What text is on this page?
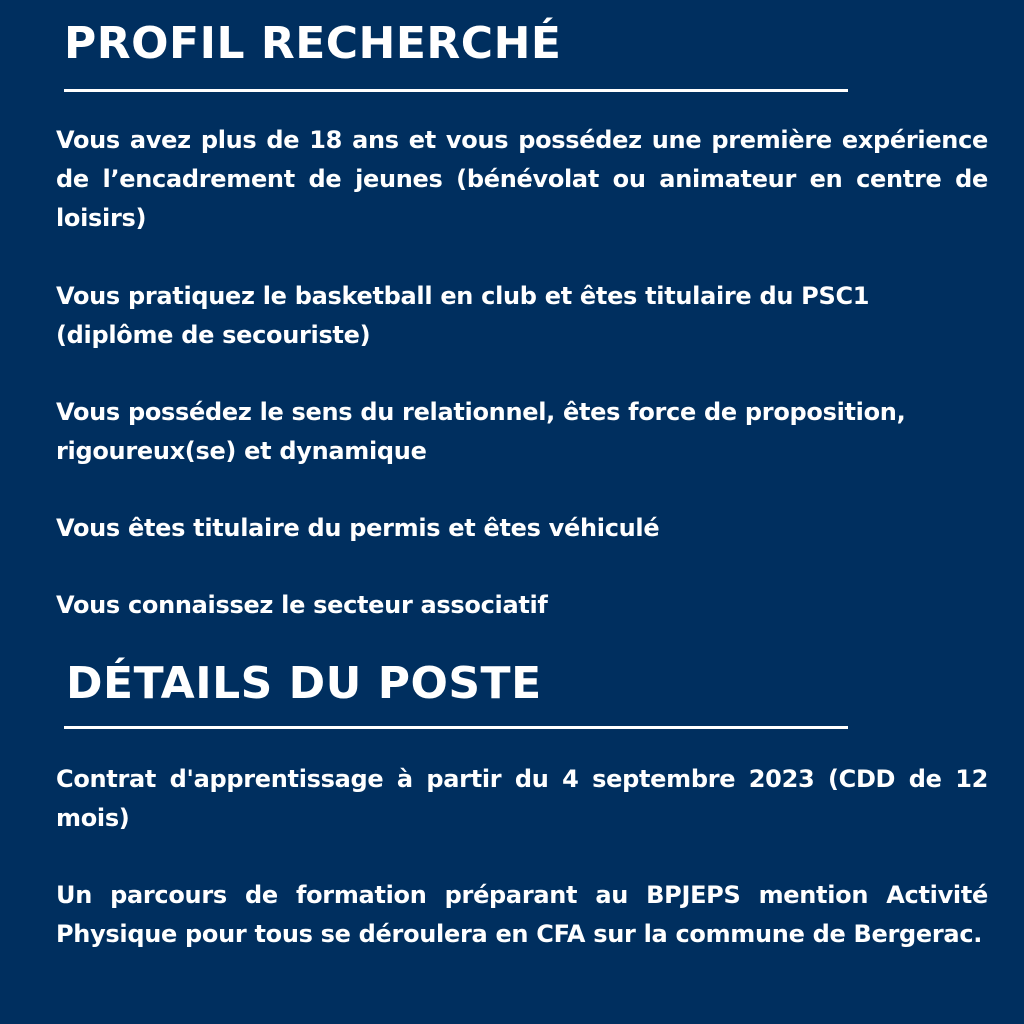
PROFIL RECHERCHÉ

Vous avez plus de 18 ans et vous possédez une première expérience de l’encadrement de jeunes (bénévolat ou animateur en centre de loisirs)

Vous pratiquez le basketball en club et êtes titulaire du PSC1 (diplôme de secouriste)

Vous possédez le sens du relationnel, êtes force de proposition, rigoureux(se) et dynamique

Vous êtes titulaire du permis et êtes véhiculé

Vous connaissez le secteur associatif

DÉTAILS DU POSTE

Contrat d'apprentissage à partir du 4 septembre 2023 (CDD de 12 mois)

Un parcours de formation préparant au BPJEPS mention Activité Physique pour tous se déroulera en CFA sur la commune de Bergerac.
